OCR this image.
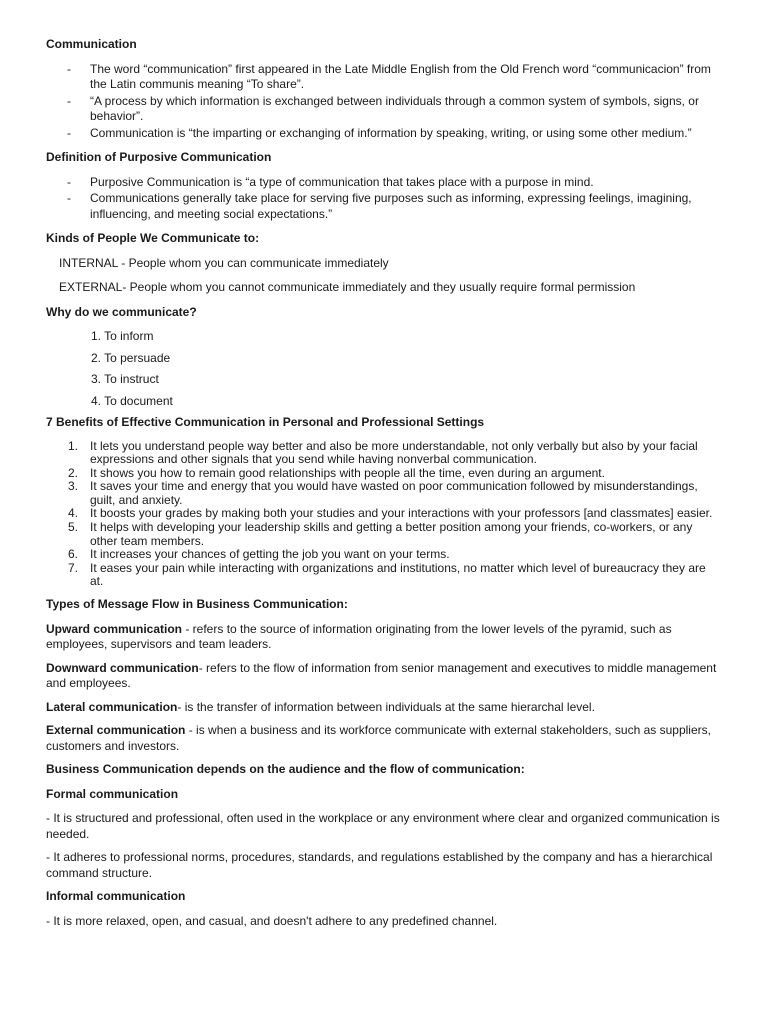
Communication
- The word “communication” first appeared in the Late Middle English from the Old French word “communicacion” from the Latin communis meaning “To share”.
- “A process by which information is exchanged between individuals through a common system of symbols, signs, or behavior”.
- Communication is “the imparting or exchanging of information by speaking, writing, or using some other medium.”
Definition of Purposive Communication
- Purposive Communication is “a type of communication that takes place with a purpose in mind.
- Communications generally take place for serving five purposes such as informing, expressing feelings, imagining, influencing, and meeting social expectations.”
Kinds of People We Communicate to:

INTERNAL - People whom you can communicate immediately

EXTERNAL- People whom you cannot communicate immediately and they usually require formal permission

Why do we communicate?
1. To inform
2. To persuade
3. To instruct
4. To document
7 Benefits of Effective Communication in Personal and Professional Settings
1. It lets you understand people way better and also be more understandable, not only verbally but also by your facial expressions and other signals that you send while having nonverbal communication.
2. It shows you how to remain good relationships with people all the time, even during an argument.
3. It saves your time and energy that you would have wasted on poor communication followed by misunderstandings, guilt, and anxiety.
4. It boosts your grades by making both your studies and your interactions with your professors [and classmates] easier.
5. It helps with developing your leadership skills and getting a better position among your friends, co-workers, or any other team members.
6. It increases your chances of getting the job you want on your terms.
7. It eases your pain while interacting with organizations and institutions, no matter which level of bureaucracy they are at.
Types of Message Flow in Business Communication:

Upward communication - refers to the source of information originating from the lower levels of the pyramid, such as employees, supervisors and team leaders.

Downward communication- refers to the flow of information from senior management and executives to middle management and employees.

Lateral communication- is the transfer of information between individuals at the same hierarchal level.

External communication - is when a business and its workforce communicate with external stakeholders, such as suppliers, customers and investors.

Business Communication depends on the audience and the flow of communication:
Formal communication

- It is structured and professional, often used in the workplace or any environment where clear and organized communication is needed.

- It adheres to professional norms, procedures, standards, and regulations established by the company and has a hierarchical command structure.

Informal communication

- It is more relaxed, open, and casual, and doesn't adhere to any predefined channel.
